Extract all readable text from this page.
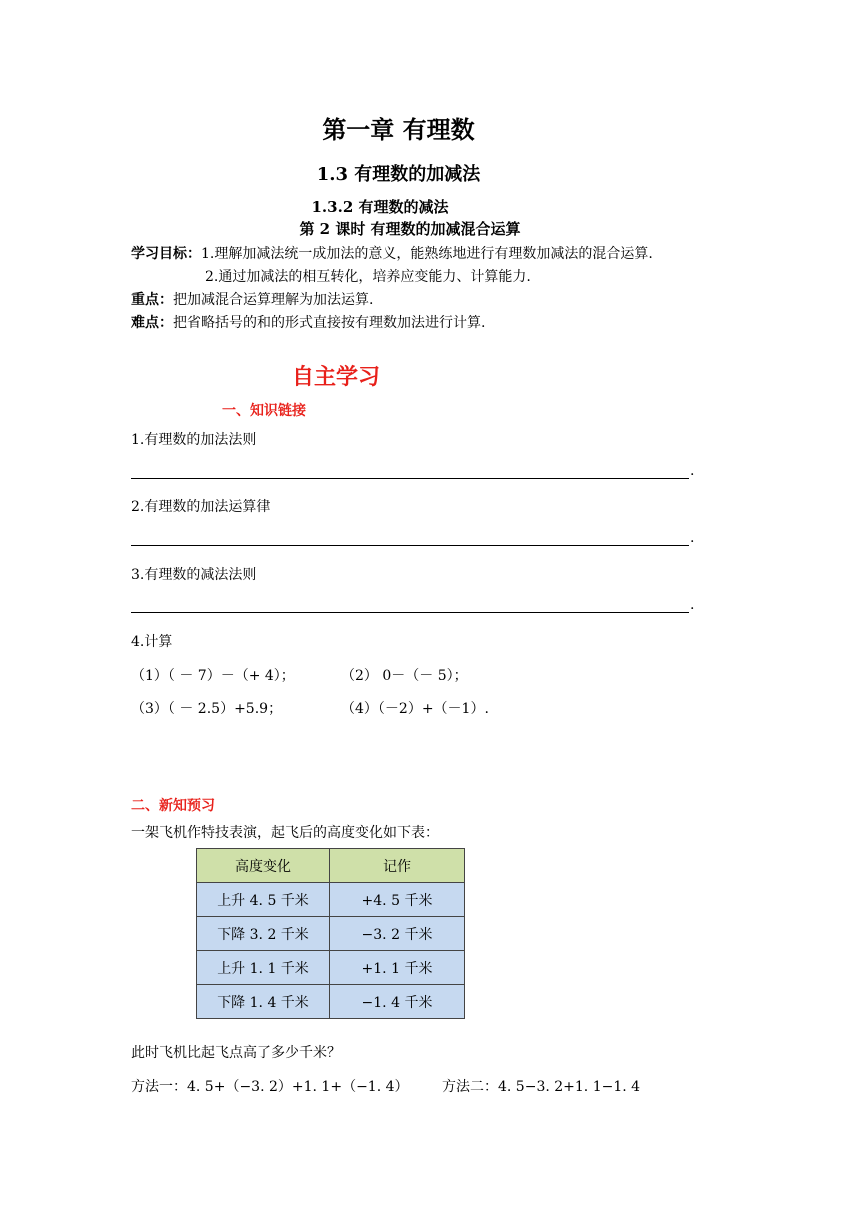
第一章 有理数
1.3 有理数的加减法
1.3.2 有理数的减法
第 2 课时 有理数的加减混合运算
学习目标：1.理解加减法统一成加法的意义，能熟练地进行有理数加减法的混合运算.
2.通过加减法的相互转化，培养应变能力、计算能力.
重点：把加减混合运算理解为加法运算.
难点：把省略括号的和的形式直接按有理数加法进行计算.
自主学习
一、知识链接
1.有理数的加法法则
.
2.有理数的加法运算律
.
3.有理数的减法法则
.
4.计算
（1）（ － 7）－（+ 4）；	（2） 0－（－ 5）；
（3）（ － 2.5）+5.9；	（4）（－2）+（－1）.
二、新知预习
一架飞机作特技表演，起飞后的高度变化如下表：
高度变化	记作
上升 4. 5 千米	+4. 5 千米
下降 3. 2 千米	−3. 2 千米
上升 1. 1 千米	+1. 1 千米
下降 1. 4 千米	−1. 4 千米
此时飞机比起飞点高了多少千米？
方法一：4. 5+（−3. 2）+1. 1+（−1. 4） 方法二：4. 5−3. 2+1. 1−1. 4
